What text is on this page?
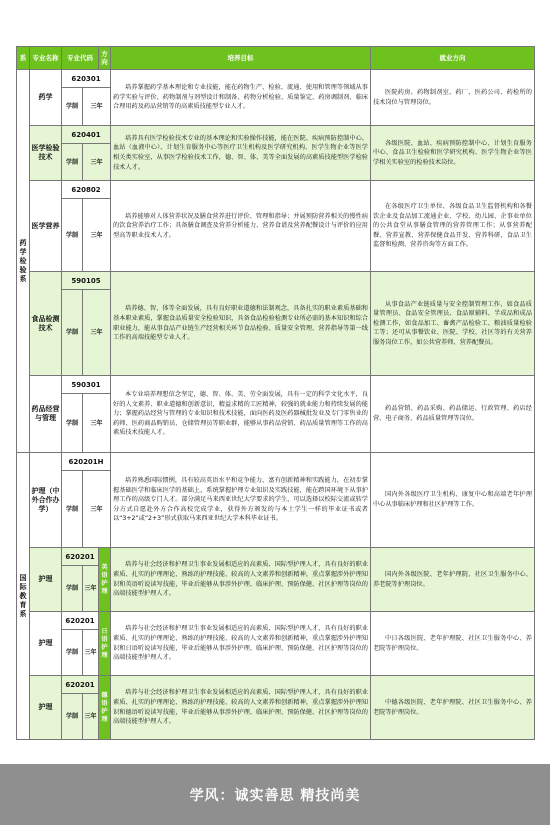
系	专业名称	专业代码		方向	培养目标	就业方向
药学检验系	药学	620301			培养掌握药学基本理论和专业技能，能在药物生产、检验、流通、使用和管理等领域从事药学实验与评价、药物制剂与剂型设计和制备、药物分析检验、质量鉴定、药房调制剂、临床合理用药及药品营销等的高素质技能型专业人才。	医院药房、药物制剂室、药厂、医药公司、药检所的技术岗位与管理岗位。
		学制	三年			
	医学检验技术	620401			培养具有医学检验技术专业的基本理论和实验操作技能，能在医院、疾病预防控制中心、血站（血液中心）、计划生育服务中心等医疗卫生机构及医学研究机构、医学生物企业等医学相关类实验室，从事医学检验技术工作，德、智、体、美等全面发展的高素质技能型医学检验技术人才。	各级医院、血站、疾病预防控制中心、计划生育服务中心、食品卫生检验和医学研究机构、医学生物企业等医学相关实验室的检验技术岗位。
		学制	三年			
	医学营养	620802			培养能够对人体营养状况及膳食营养进行评价、管理和指导；并展预防营养相关的慢性病的饮食营养治疗工作；具备膳食调查及营养分析能力、营养食谱及营养配餐设计与评价的应用型高等职业技术人才。	在各级医疗卫生单位、各级食品卫生监督机构和各餐饮企业及食品加工流通企业、学校、幼儿园、企事业单位的公共食堂从事膳食管理的营养管理工作；从事营养配餐、营养宣教、营养保健食品开发、营养科研、食品卫生监督和检测、营养咨询等方面工作。
		学制	三年			
	食品检测技术	590105			培养德、智、体等全面发展，具有良好职业道德和法制观念，具备扎实的职业素质基础和基本职业素质，掌握食品质量安全检验知识，具备食品检验检测专业所必需的基本知识和综合职业能力，能从事食品产业链生产经营相关环节食品检验、质量安全管理、营养指导等第一线工作的高端技能型专业人才。	从事食品产业链质量与安全控制管理工作，如食品质量管理员、食品安全管理员、食品原辅料、半成品和成品检测工作，如食品加工、畜禽产品检验工、粮油质量检验工等；还可从事餐饮业、医院、学校、社区等的有关营养服务岗位工作，如公共营养师、营养配餐员。
		学制	三年			
	药品经营与管理	590301			本专业培养理想信念坚定，德、智、体、美、劳全面发展，具有一定的科学文化水平，良好的人文素养、职业道德和创新意识，精益求精的工匠精神，较强的就业能力和持续发展的能力；掌握药品经营与管理的专业知识和技术技能，面向医药及医药器械批发业及专门零售业的药师、医药商品购销员、仓储管理员等职业群，能够从事药品营销、药品质量管理等工作的高素质技术技能人才。	药品营销、药品采购、药品储运、行政管理、药店经营、电子商务、药品质量管理等岗位。
		学制	三年			
国际教育系	护理（中外合作办学）	620201H			培养熟悉国际惯例，具有较高英语水平和竞争能力，富有创新精神和实践能力，在初步掌握基础医学和临床医学的基础上，系统掌握护理专业知识及实践技能，能在跨国环境下从事护理工作的高级专门人才。部分满足马来西亚世纪大学要求的学生，可以选择以校际交流或转学分方式自愿赴外方合作高校完成学业，获得外方颁发的与本土学生一样的毕业证书或者以“3+2”或“2+3”形式获取马来西亚世纪大学本科毕业证书。	国内外各级医疗卫生机构、康复中心和高端老年护理中心从事临床护理和社区护理等工作。
		学制	三年			
	护理	620201		英语护理	培养与社会经济和护理卫生事业发展相适应的高素质、国际型护理人才，具有良好的职业素质、扎实的护理理论、熟练的护理技能、较高的人文素养和创新精神，重点掌握涉外护理知识和英语听说读写技能，毕业后能够从事涉外护理、临床护理、预防保健、社区护理等岗位的高端技能型护理人才。	国内外各级医院、老年护理院、社区卫生服务中心、养老院等护理岗位。
		学制	三年			
	护理	620201		日语护理	培养与社会经济和护理卫生事业发展相适应的高素质、国际型护理人才，具有良好的职业素质、扎实的护理理论、熟练的护理技能、较高的人文素养和创新精神，重点掌握涉外护理知识和日语听说读写技能，毕业后能够从事涉外护理、临床护理、预防保健、社区护理等岗位的高端技能型护理人才。	中日各级医院、老年护理院、社区卫生服务中心、养老院等护理岗位。
		学制	三年			
	护理	620201		德语护理	培养与社会经济和护理卫生事业发展相适应的高素质、国际型护理人才，具有良好的职业素质、扎实的护理理论、熟练的护理技能、较高的人文素养和创新精神，重点掌握涉外护理知识和德语听说读写技能，毕业后能够从事涉外护理、临床护理、预防保健、社区护理等岗位的高端技能型护理人才。	中德各级医院、老年护理院、社区卫生服务中心、养老院等护理岗位。
		学制	三年			
学风：诚实善思 精技尚美
